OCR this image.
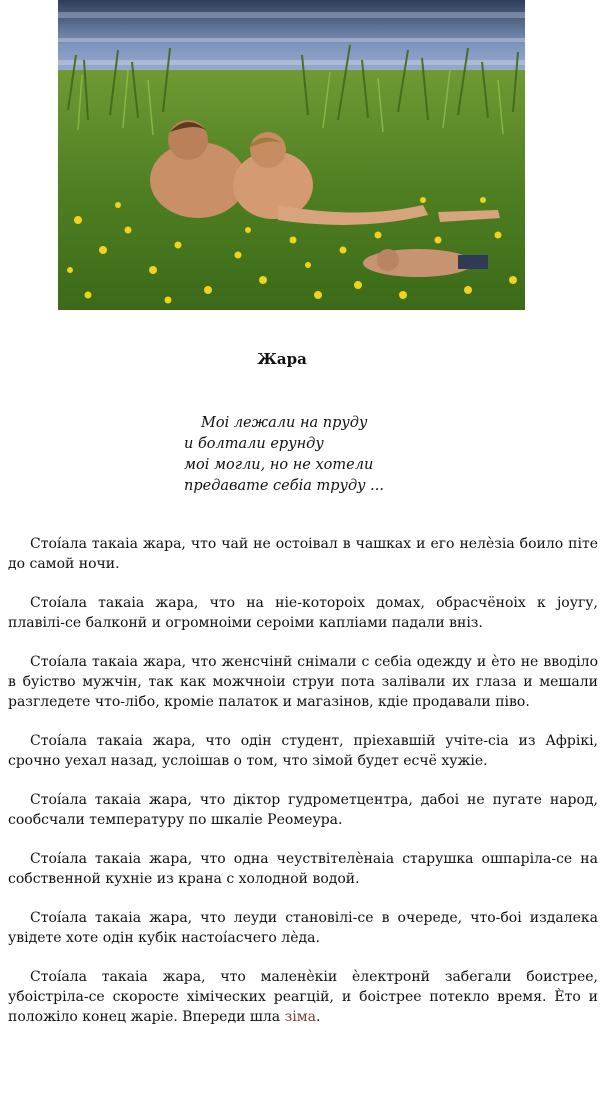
Жара
Моі лежали на пруду
и болтали ерунду
моі могли, но не хотели
предавате себіа труду ...

Стоíала такаіа жара, что чай не остоівал в чашках и его нелѐзіа боило піте до самой ночи.

Стоíала такаіа жара, что на ніе-котороіх домах, обрасчёнoіх к joугу, плавілі-се балконй и огромноіми сероіми капліами падали вніз.

Стоíала такаіа жара, что женсчінй снімали с себіа одежду и ѐто не вводіло в буіство мужчін, так как можчноіи струи пота залівали их глаза и мешали разгледете что-лібо, кроміе палаток и магазінов, кдіе продавали піво.

Стоíала такаіа жара, что одін студент, пріехавшій учіте-сіа из Афрікі, срочно уехал назад, услоішав о том, что зімой будет есчё хужіе.

Стоíала такаіа жара, что діктор гудрометцентра, дабоі не пугате народ, сообсчали температуру по шкаліе Реомеура.

Стоíала такаіа жара, что одна чеуствітелѐнаіа старушка ошпаріла-се на собственной кухніе из крана с холодной водой.

Стоíала такаіа жара, что леуди становілі-се в очереде, что-боі издалека увідете хоте одін кубік настоíасчего лѐда.

Стоíала такаіа жара, что маленѐкіи ѐлектронй забегали боистрее, убоістріла-се скоросте хіміческих реагцій, и боістрее потекло время. Ѐто и положіло конец жаріе. Впереди шла зіма.
